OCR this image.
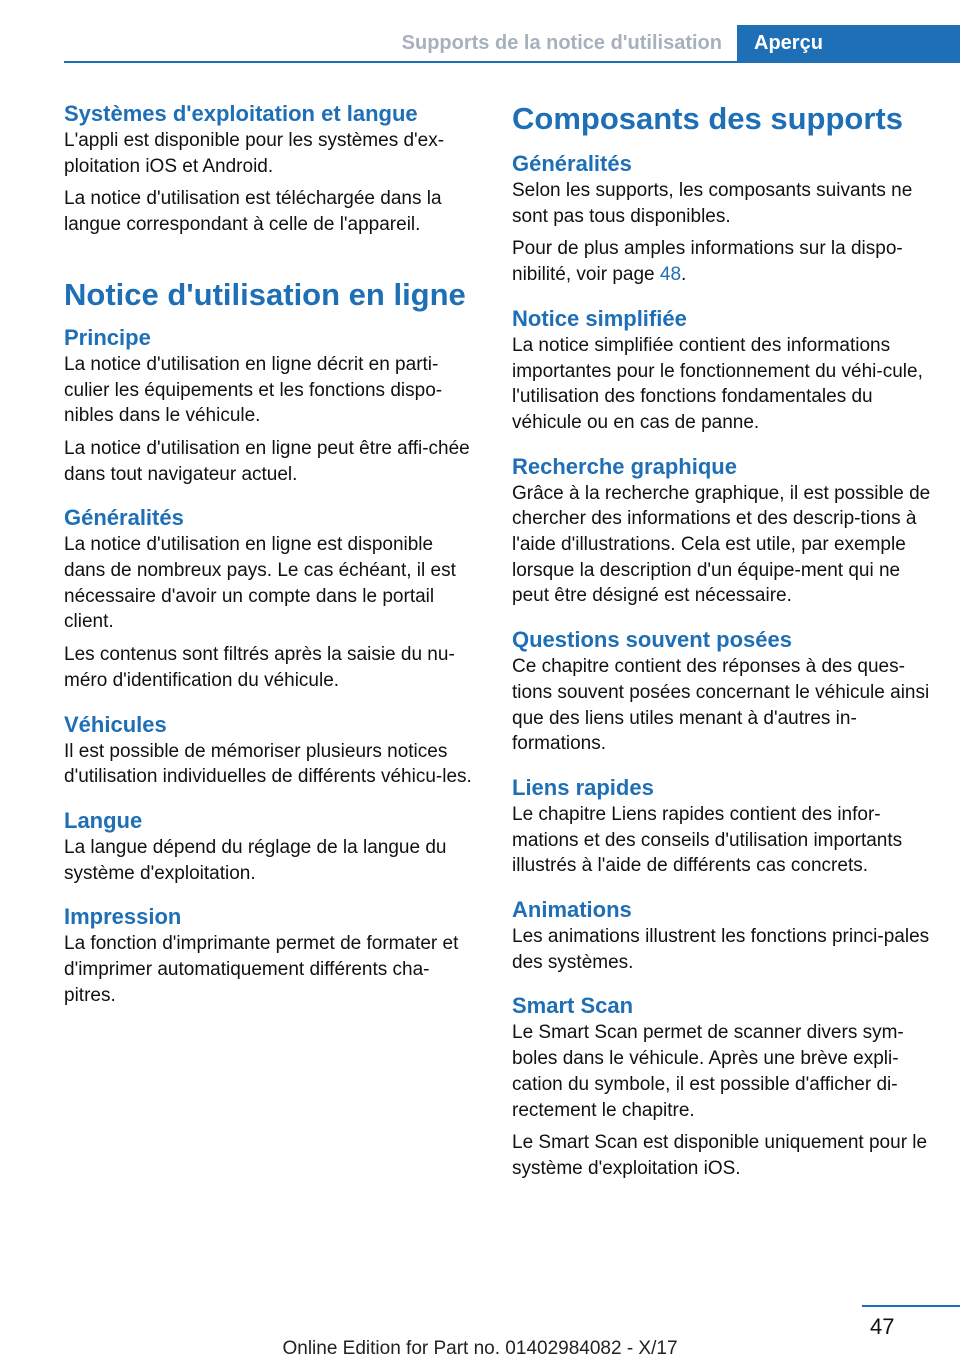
Supports de la notice d'utilisation	Aperçu
Systèmes d'exploitation et langue

L'appli est disponible pour les systèmes d'ex-ploitation iOS et Android.

La notice d'utilisation est téléchargée dans la langue correspondant à celle de l'appareil.

Notice d'utilisation en ligne
Principe

La notice d'utilisation en ligne décrit en parti-culier les équipements et les fonctions dispo-nibles dans le véhicule.

La notice d'utilisation en ligne peut être affi-chée dans tout navigateur actuel.

Généralités

La notice d'utilisation en ligne est disponible dans de nombreux pays. Le cas échéant, il est nécessaire d'avoir un compte dans le portail client.

Les contenus sont filtrés après la saisie du nu-méro d'identification du véhicule.

Véhicules

Il est possible de mémoriser plusieurs notices d'utilisation individuelles de différents véhicu-les.

Langue

La langue dépend du réglage de la langue du système d'exploitation.

Impression

La fonction d'imprimante permet de formater et d'imprimer automatiquement différents cha-pitres.

Composants des supports
Généralités

Selon les supports, les composants suivants ne sont pas tous disponibles.

Pour de plus amples informations sur la dispo-nibilité, voir page 48.

Notice simplifiée

La notice simplifiée contient des informations importantes pour le fonctionnement du véhi-cule, l'utilisation des fonctions fondamentales du véhicule ou en cas de panne.

Recherche graphique

Grâce à la recherche graphique, il est possible de chercher des informations et des descrip-tions à l'aide d'illustrations. Cela est utile, par exemple lorsque la description d'un équipe-ment qui ne peut être désigné est nécessaire.

Questions souvent posées

Ce chapitre contient des réponses à des ques-tions souvent posées concernant le véhicule ainsi que des liens utiles menant à d'autres in-formations.

Liens rapides

Le chapitre Liens rapides contient des infor-mations et des conseils d'utilisation importants illustrés à l'aide de différents cas concrets.

Animations

Les animations illustrent les fonctions princi-pales des systèmes.

Smart Scan

Le Smart Scan permet de scanner divers sym-boles dans le véhicule. Après une brève expli-cation du symbole, il est possible d'afficher di-rectement le chapitre.

Le Smart Scan est disponible uniquement pour le système d'exploitation iOS.

47
Online Edition for Part no. 01402984082 - X/17
